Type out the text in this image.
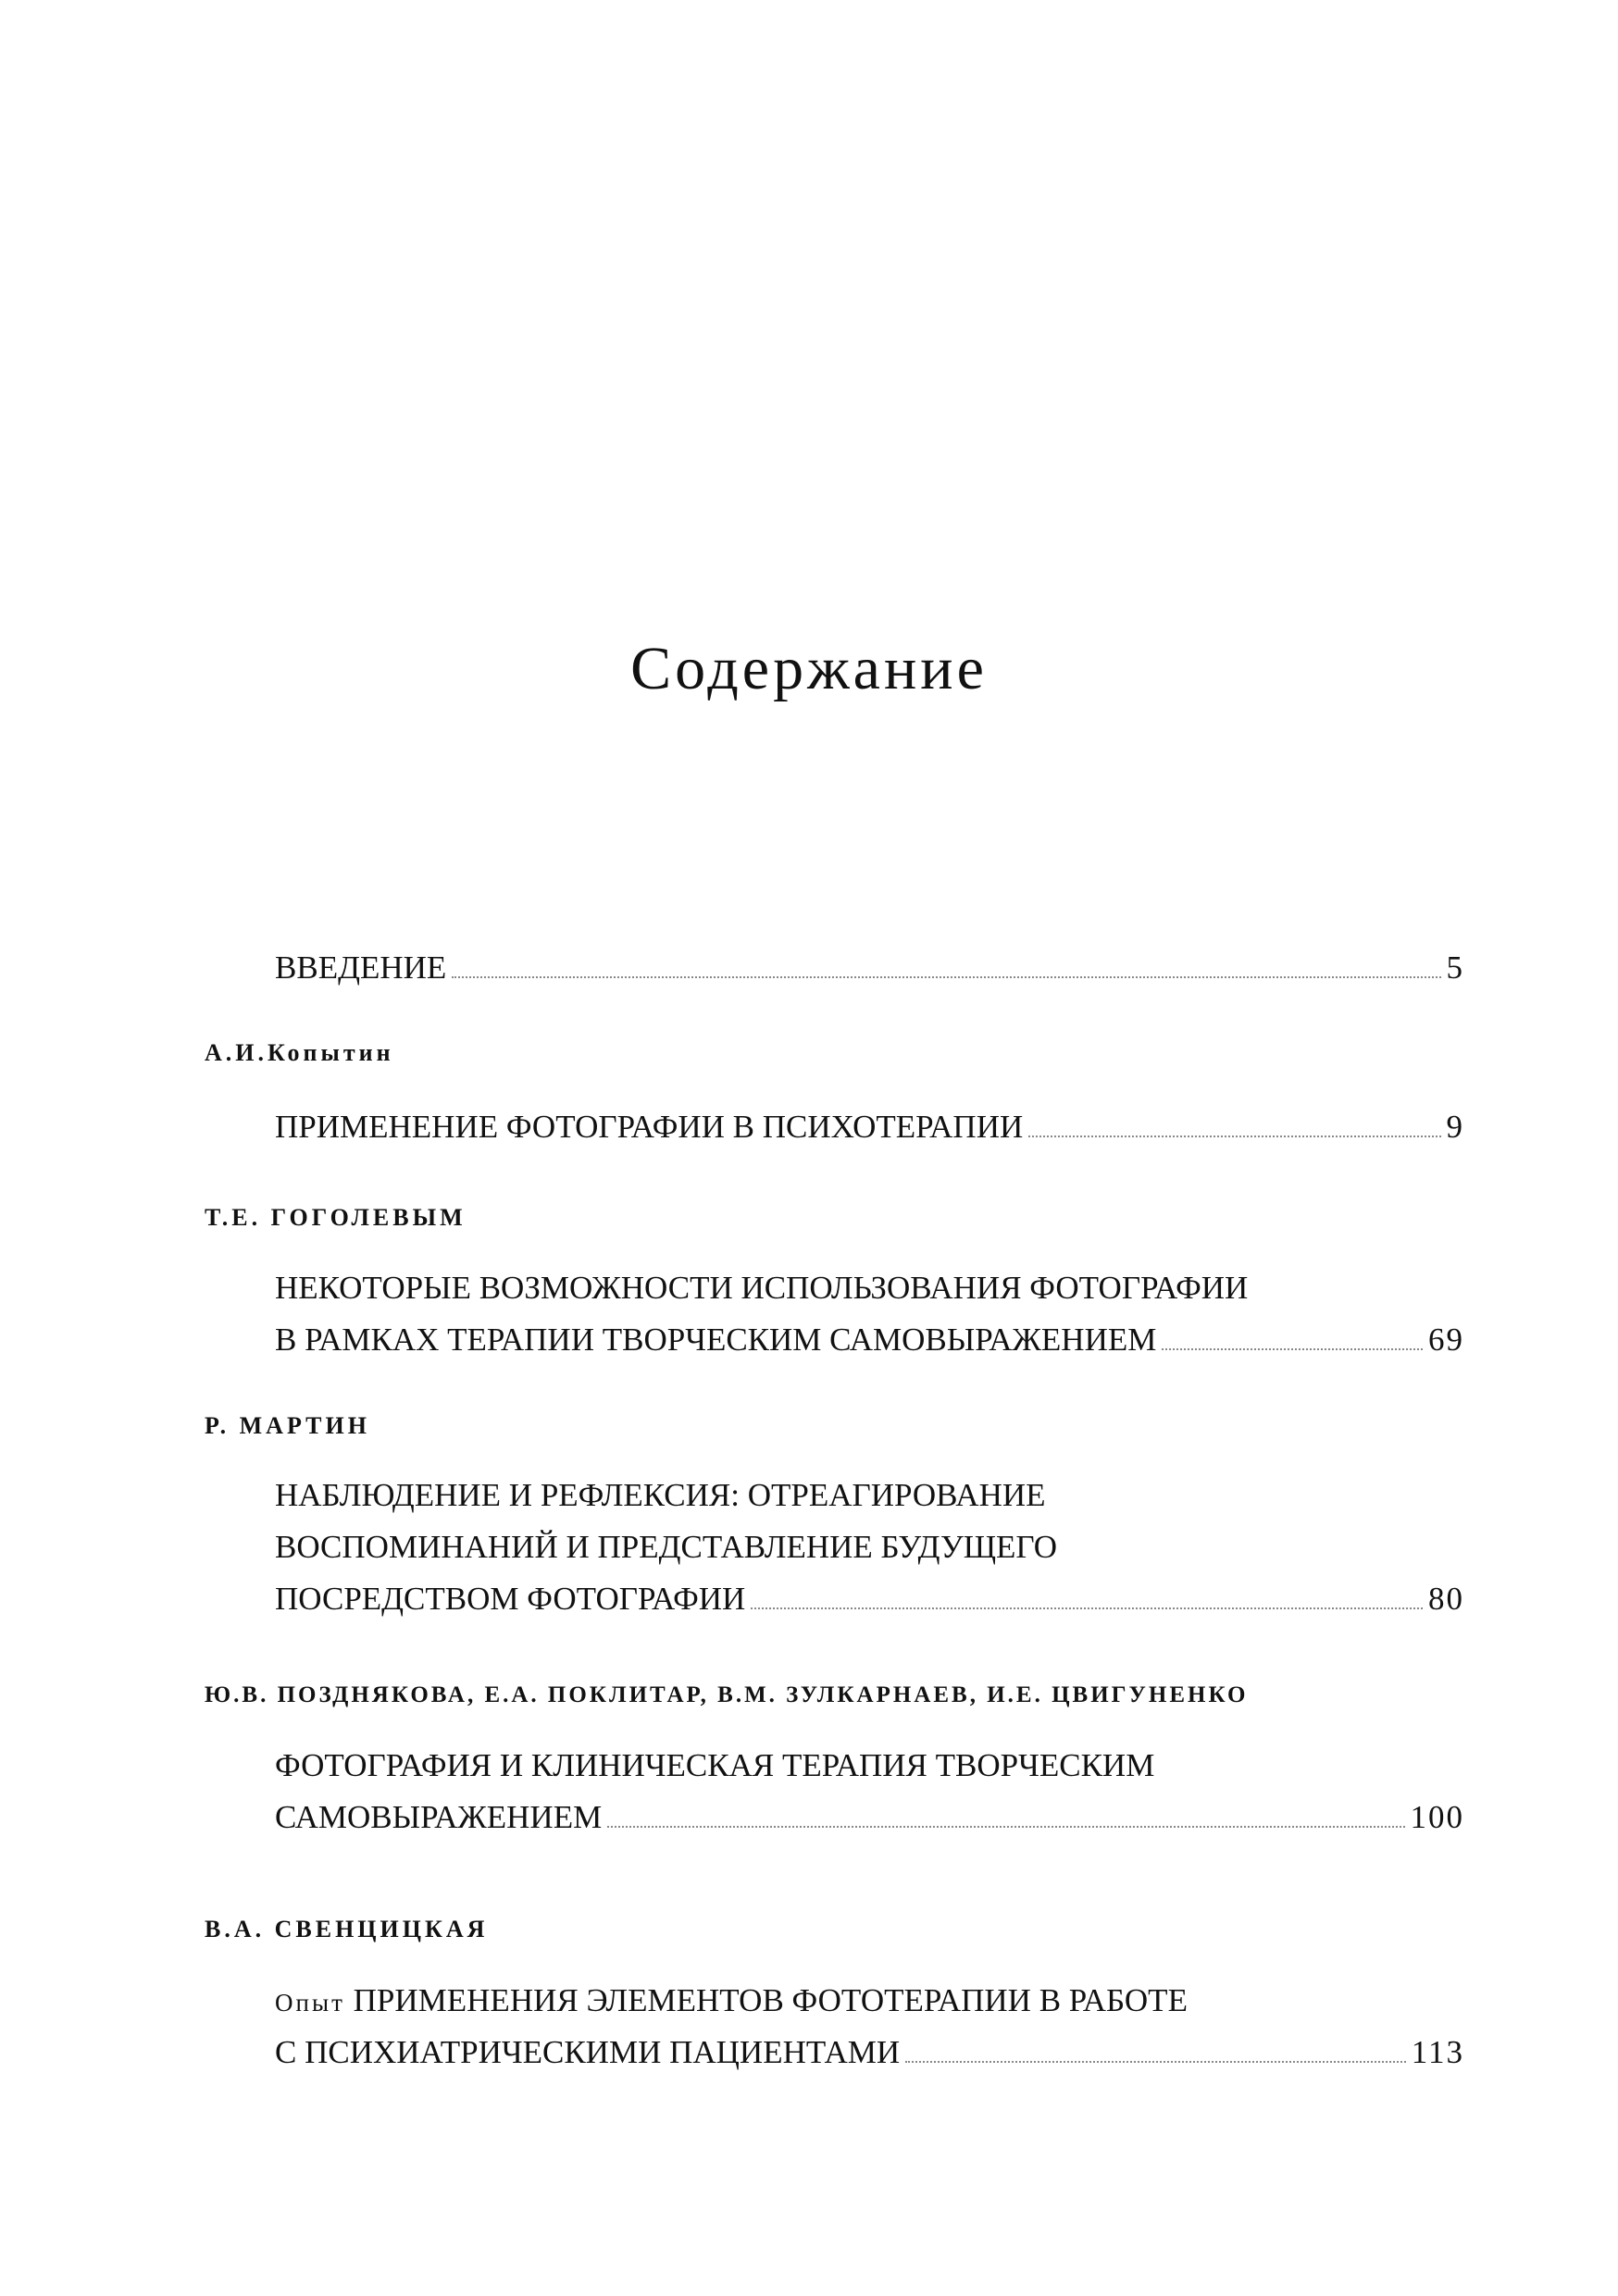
Содержание
ВВЕДЕНИЕ	5
А.И.Копытин
ПРИМЕНЕНИЕ ФОТОГРАФИИ В ПСИХОТЕРАПИИ	9
Т.Е. ГОГОЛЕВЫМ
НЕКОТОРЫЕ ВОЗМОЖНОСТИ ИСПОЛЬЗОВАНИЯ ФОТОГРАФИИ
В РАМКАХ ТЕРАПИИ ТВОРЧЕСКИМ САМОВЫРАЖЕНИЕМ	69
Р. МАРТИН
НАБЛЮДЕНИЕ И РЕФЛЕКСИЯ: ОТРЕАГИРОВАНИЕ
ВОСПОМИНАНИЙ И ПРЕДСТАВЛЕНИЕ БУДУЩЕГО
ПОСРЕДСТВОМ ФОТОГРАФИИ	80
Ю.В. ПОЗДНЯКОВА, Е.А. ПОКЛИТАР, В.М. ЗУЛКАРНАЕВ, И.Е. ЦВИГУНЕНКО
ФОТОГРАФИЯ И КЛИНИЧЕСКАЯ ТЕРАПИЯ ТВОРЧЕСКИМ
САМОВЫРАЖЕНИЕМ	100
В.А. СВЕНЦИЦКАЯ
Опыт ПРИМЕНЕНИЯ ЭЛЕМЕНТОВ ФОТОТЕРАПИИ В РАБОТЕ
С ПСИХИАТРИЧЕСКИМИ ПАЦИЕНТАМИ	113
